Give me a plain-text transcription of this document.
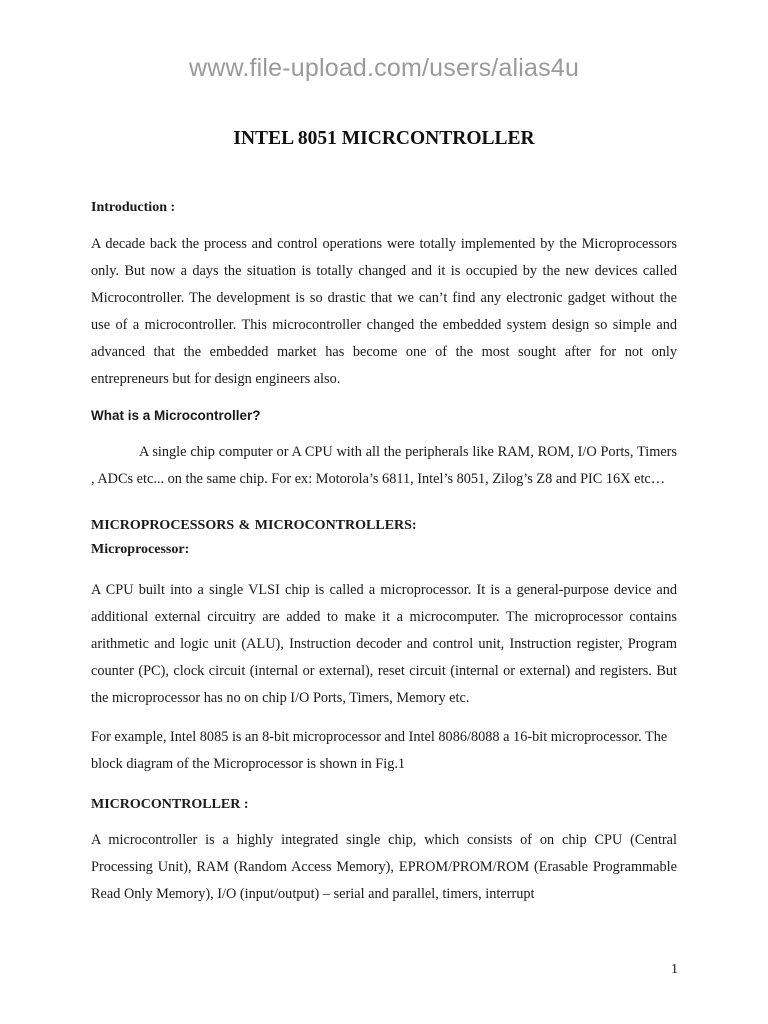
www.file-upload.com/users/alias4u
INTEL 8051 MICRCONTROLLER
Introduction :

A decade back the process and control operations were totally implemented by the Microprocessors only. But now a days the situation is totally changed and it is occupied by the new devices called Microcontroller. The development is so drastic that we can’t find any electronic gadget without the use of a microcontroller. This microcontroller changed the embedded system design so simple and advanced that the embedded market has become one of the most sought after for not only entrepreneurs but for design engineers also.

What is a Microcontroller?

A single chip computer or A CPU with all the peripherals like RAM, ROM, I/O Ports, Timers , ADCs etc... on the same chip. For ex: Motorola’s 6811, Intel’s 8051, Zilog’s Z8 and PIC 16X etc…

MICROPROCESSORS & MICROCONTROLLERS:
Microprocessor:

A CPU built into a single VLSI chip is called a microprocessor. It is a general-purpose device and additional external circuitry are added to make it a microcomputer. The microprocessor contains arithmetic and logic unit (ALU), Instruction decoder and control unit, Instruction register, Program counter (PC), clock circuit (internal or external), reset circuit (internal or external) and registers. But the microprocessor has no on chip I/O Ports, Timers, Memory etc.

For example, Intel 8085 is an 8-bit microprocessor and Intel 8086/8088 a 16-bit microprocessor. The block diagram of the Microprocessor is shown in Fig.1

MICROCONTROLLER :

A microcontroller is a highly integrated single chip, which consists of on chip CPU (Central Processing Unit), RAM (Random Access Memory), EPROM/PROM/ROM (Erasable Programmable Read Only Memory), I/O (input/output) – serial and parallel, timers, interrupt

1
